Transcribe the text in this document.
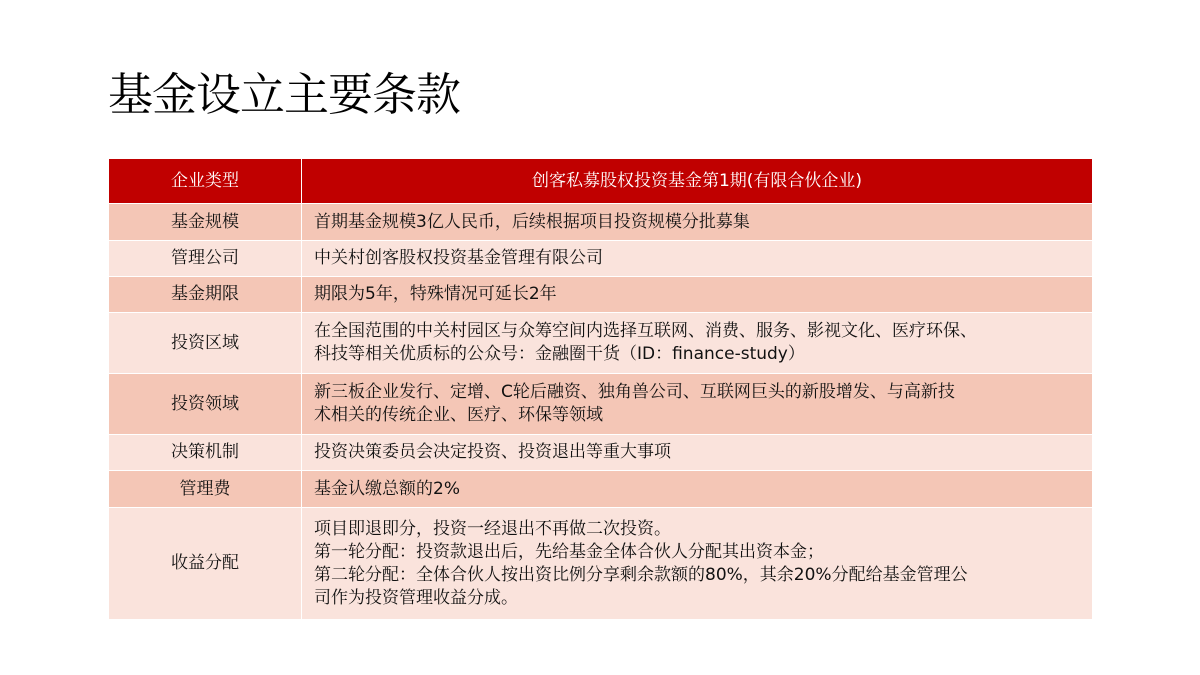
基金设立主要条款
企业类型	创客私募股权投资基金第1期(有限合伙企业)
基金规模	首期基金规模3亿人民币，后续根据项目投资规模分批募集

管理公司	中关村创客股权投资基金管理有限公司

基金期限	期限为5年，特殊情况可延长2年

投资区域	在全国范围的中关村园区与众筹空间内选择互联网、消费、服务、影视文化、医疗环保、
科技等相关优质标的公众号：金融圈干货（ID：finance-study）

投资领域	新三板企业发行、定增、C轮后融资、独角兽公司、互联网巨头的新股增发、与高新技
术相关的传统企业、医疗、环保等领域

决策机制	投资决策委员会决定投资、投资退出等重大事项

管理费	基金认缴总额的2%

收益分配	项目即退即分，投资一经退出不再做二次投资。
第一轮分配：投资款退出后，先给基金全体合伙人分配其出资本金；
第二轮分配：全体合伙人按出资比例分享剩余款额的80%，其余20%分配给基金管理公
司作为投资管理收益分成。
